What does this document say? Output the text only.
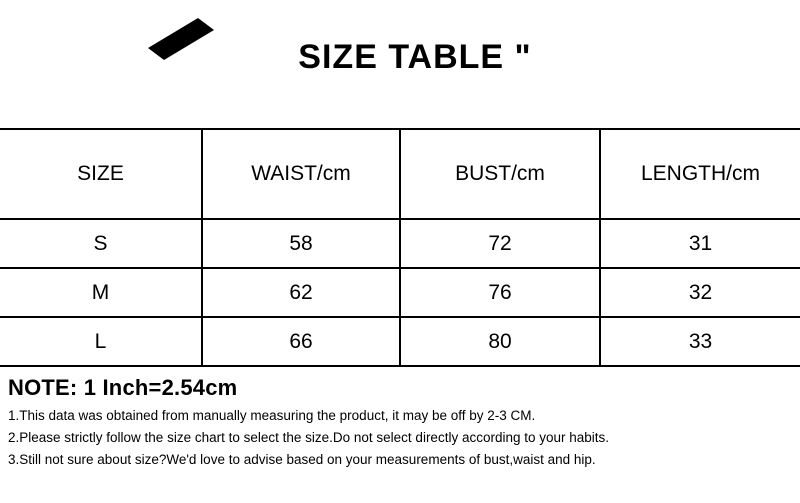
SIZE TABLE "
SIZE	WAIST/cm	BUST/cm	LENGTH/cm
S	58	72	31
M	62	76	32
L	66	80	33
NOTE: 1 Inch=2.54cm

1.This data was obtained from manually measuring the product, it may be off by 2-3 CM.

2.Please strictly follow the size chart to select the size.Do not select directly according to your habits.

3.Still not sure about size?We'd love to advise based on your measurements of bust,waist and hip.
